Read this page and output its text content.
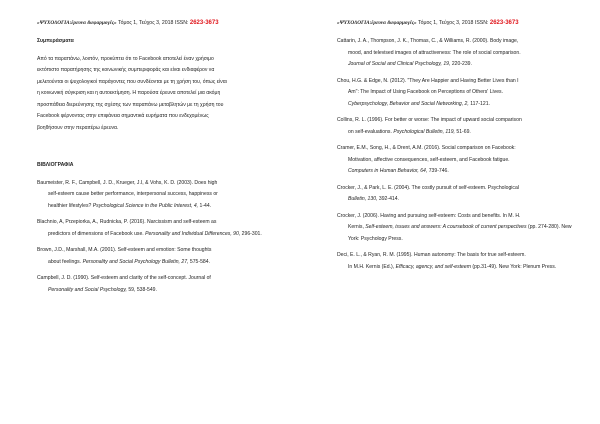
«ΨΥΧΟΛΟΓΙΑ:έρευνα &εφαρμογές» Τόμος 1, Τεύχος 3, 2018 ISSN: 2623-3673

Συμπεράσματα

Από τα παραπάνω, λοιπόν, προκύπτει ότι το Facebook αποτελεί έναν χρήσιμο

εκτόπιστο παρατήρησης της κοινωνικής συμπεριφοράς και είναι ενδιαφέρον να

μελετούνται οι ψυχολογικοί παράγοντες που συνδέονται με τη χρήση του, όπως είναι

η κοινωνική σύγκριση και η αυτοεκτίμηση. Η παρούσα έρευνα αποτελεί μια ακόμη

προσπάθεια διερεύνησης της σχέσης των παραπάνω μεταβλητών με τη χρήση του

Facebook φέρνοντας στην επιφάνεια σημαντικά ευρήματα που ενδεχομένως

βοηθήσουν στην περαιτέρω έρευνα.

ΒΙΒΛΙΟΓΡΑΦΙΑ

Baumeister, R. F., Campbell, J. D., Krueger, J.I, & Vohs, K. D. (2003). Does high
self-esteem cause better performance, interpersonal success, happiness or
healthier lifestyles? Psychological Science in the Public Interest, 4, 1-44.
Blachnio, A, Przepiorka, A., Rudnicka, P. (2016). Narcissism and self-esteem as
predictors of dimensions of Facebook use. Personality and Individual Differences, 90, 296-301.
Brown, J.D., Marshall, M.A. (2001). Self-esteem and emotion: Some thoughts
about feelings. Personality and Social Psychology Bulletin, 27, 575-584.
Campbell, J. D. (1990). Self-esteem and clarity of the self-concept. Journal of
Personality and Social Psychology, 59, 538-549.
«ΨΥΧΟΛΟΓΙΑ:έρευνα &εφαρμογές» Τόμος 1, Τεύχος 3, 2018 ISSN: 2623-3673
Cattarin, J. A., Thompson, J. K., Thomas, C., & Williams, R. (2000). Body image,
mood, and televised images of attractiveness: The role of social comparison.
Journal of Social and Clinical Psychology, 19, 220-239.
Chou, H.G. & Edge, N. (2012). "They Are Happier and Having Better Lives than I
Am": The Impact of Using Facebook on Perceptions of Others' Lives.
Cyberpsychology, Behavior and Social Networking, 2, 117-121.
Collins, R. L. (1996). For better or worse: The impact of upward social comparison
on self-evaluations. Psychological Bulletin, 119, 51-69.
Cramer, E.M., Song, H., & Drent, A.M. (2016). Social comparison on Facebook:
Motivation, affective consequences, self-esteem, and Facebook fatigue.
Computers in Human Behavior, 64, 739-746.
Crocker, J., & Park, L. E. (2004). The costly pursuit of self-esteem. Psychological
Bulletin, 130, 392-414.
Crocker, J. (2006). Having and pursuing self-esteem: Costs and benefits. In M. H.
Kernis, Self-esteem, issues and answers: A coursebook of current perspectives (pp. 274-280). New York: Psychology Press.
Deci, E. L., & Ryan, R. M. (1995). Human autonomy: The basis for true self-esteem.
In M.H. Kernis (Ed.), Efficacy, agency, and self-esteem (pp.31-49). New York: Plenum Press.
